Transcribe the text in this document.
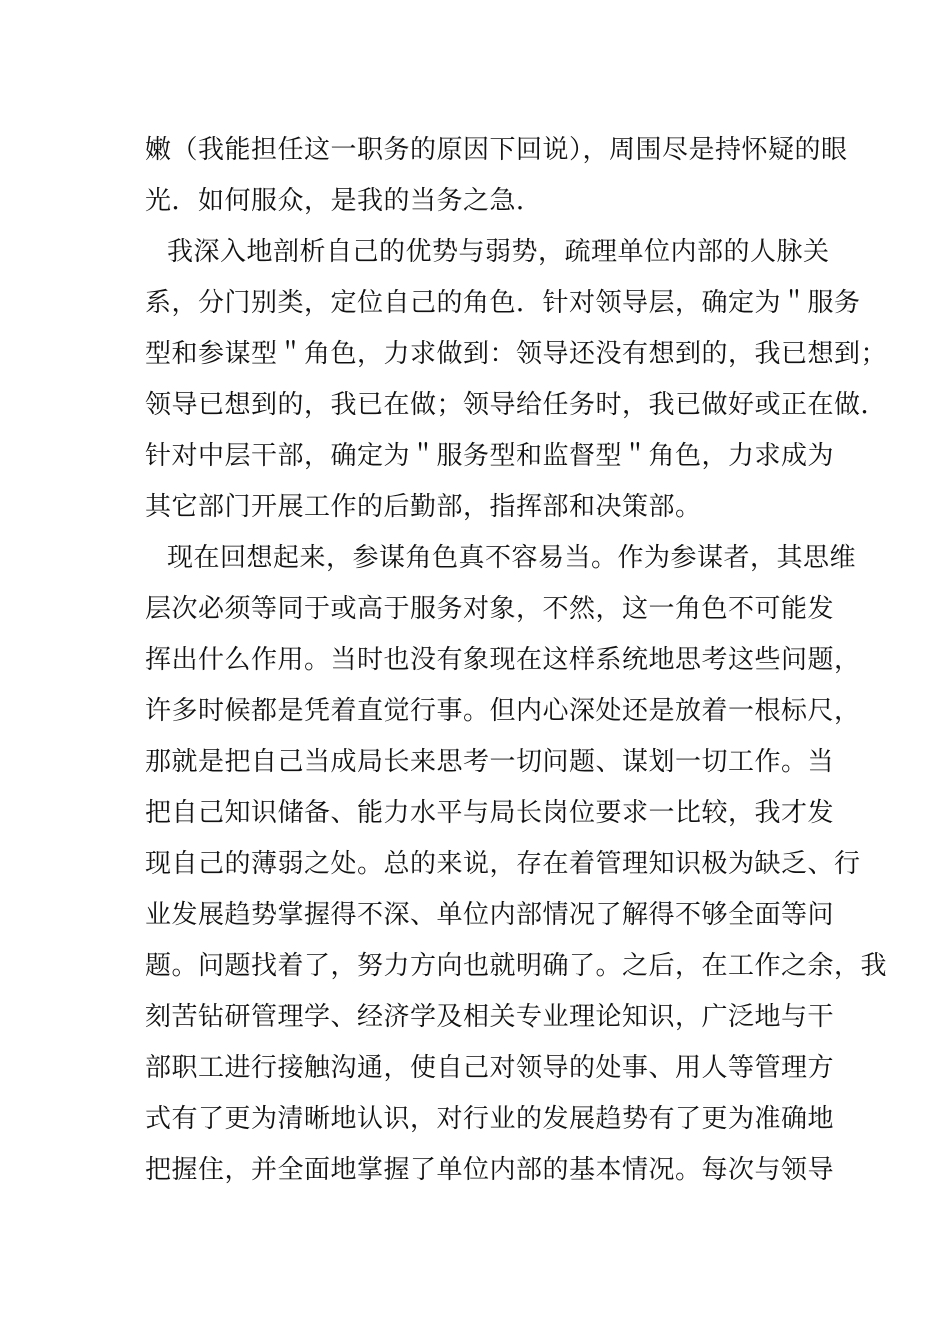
嫩（我能担任这一职务的原因下回说），周围尽是持怀疑的眼
光．如何服众，是我的当务之急．
我深入地剖析自己的优势与弱势，疏理单位内部的人脉关
系，分门别类，定位自己的角色．针对领导层，确定为＂服务
型和参谋型＂角色，力求做到：领导还没有想到的，我已想到；
领导已想到的，我已在做；领导给任务时，我已做好或正在做．
针对中层干部，确定为＂服务型和监督型＂角色，力求成为
其它部门开展工作的后勤部，指挥部和决策部。
现在回想起来，参谋角色真不容易当。作为参谋者，其思维
层次必须等同于或高于服务对象，不然，这一角色不可能发
挥出什么作用。当时也没有象现在这样系统地思考这些问题，
许多时候都是凭着直觉行事。但内心深处还是放着一根标尺，
那就是把自己当成局长来思考一切问题、谋划一切工作。当
把自己知识储备、能力水平与局长岗位要求一比较，我才发
现自己的薄弱之处。总的来说，存在着管理知识极为缺乏、行
业发展趋势掌握得不深、单位内部情况了解得不够全面等问
题。问题找着了，努力方向也就明确了。之后，在工作之余，我
刻苦钻研管理学、经济学及相关专业理论知识，广泛地与干
部职工进行接触沟通，使自己对领导的处事、用人等管理方
式有了更为清晰地认识，对行业的发展趋势有了更为准确地
把握住，并全面地掌握了单位内部的基本情况。每次与领导
